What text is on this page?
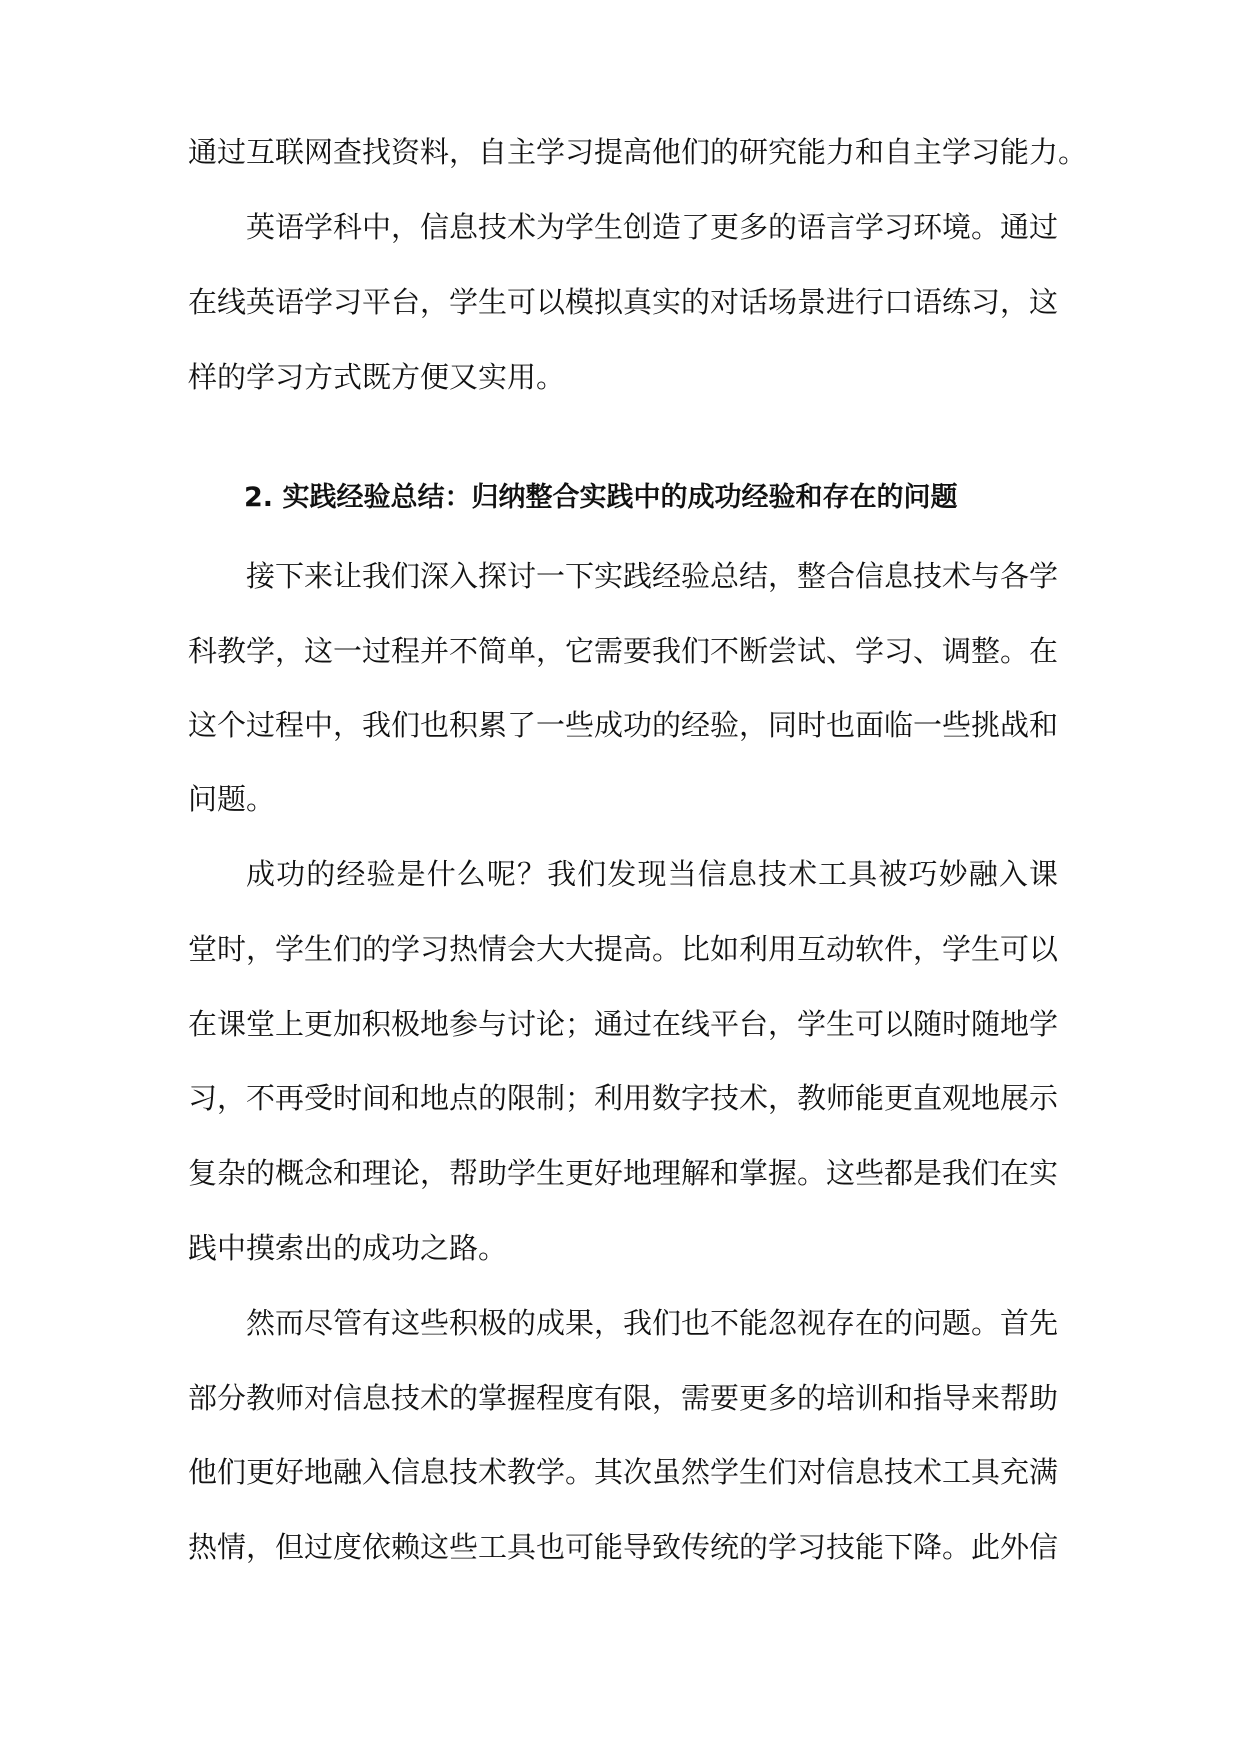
通过互联网查找资料，自主学习提高他们的研究能力和自主学习能力。
英语学科中，信息技术为学生创造了更多的语言学习环境。通过
在线英语学习平台，学生可以模拟真实的对话场景进行口语练习，这
样的学习方式既方便又实用。
2. 实践经验总结：归纳整合实践中的成功经验和存在的问题
接下来让我们深入探讨一下实践经验总结，整合信息技术与各学
科教学，这一过程并不简单，它需要我们不断尝试、学习、调整。在
这个过程中，我们也积累了一些成功的经验，同时也面临一些挑战和
问题。
成功的经验是什么呢？我们发现当信息技术工具被巧妙融入课
堂时，学生们的学习热情会大大提高。比如利用互动软件，学生可以
在课堂上更加积极地参与讨论；通过在线平台，学生可以随时随地学
习，不再受时间和地点的限制；利用数字技术，教师能更直观地展示
复杂的概念和理论，帮助学生更好地理解和掌握。这些都是我们在实
践中摸索出的成功之路。
然而尽管有这些积极的成果，我们也不能忽视存在的问题。首先
部分教师对信息技术的掌握程度有限，需要更多的培训和指导来帮助
他们更好地融入信息技术教学。其次虽然学生们对信息技术工具充满
热情，但过度依赖这些工具也可能导致传统的学习技能下降。此外信
